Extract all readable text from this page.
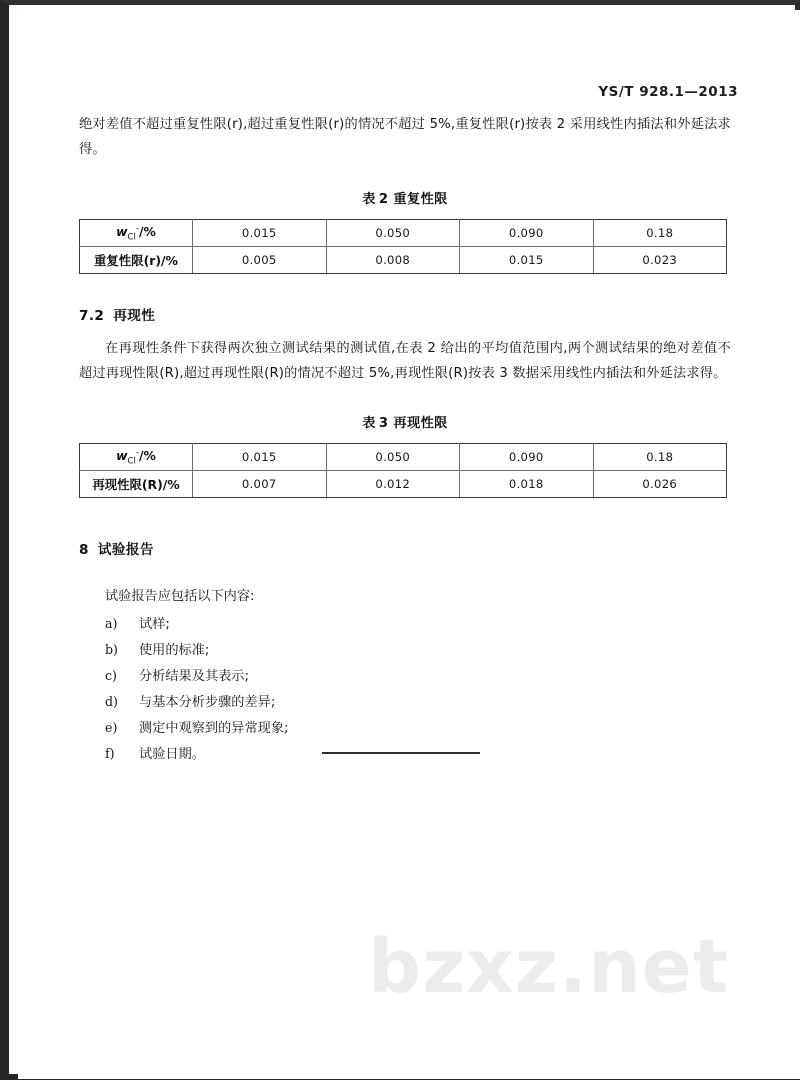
bzxz.net
YS/T 928.1—2013
绝对差值不超过重复性限(r),超过重复性限(r)的情况不超过 5%,重复性限(r)按表 2 采用线性内插法和外延法求得。
表 2 重复性限
$w_{Cl}^-/\%$	0.015	0.050	0.090	0.18
重复性限(r)/%	0.005	0.008	0.015	0.023
7.2 再现性
在再现性条件下获得两次独立测试结果的测试值,在表 2 给出的平均值范围内,两个测试结果的绝对差值不超过再现性限(R),超过再现性限(R)的情况不超过 5%,再现性限(R)按表 3 数据采用线性内插法和外延法求得。
表 3 再现性限
$w_{Cl}^-/\%$	0.015	0.050	0.090	0.18
再现性限(R)/%	0.007	0.012	0.018	0.026
8 试验报告
试验报告应包括以下内容:
a) 试样;
b) 使用的标准;
c) 分析结果及其表示;
d) 与基本分析步骤的差异;
e) 测定中观察到的异常现象;
f) 试验日期。
